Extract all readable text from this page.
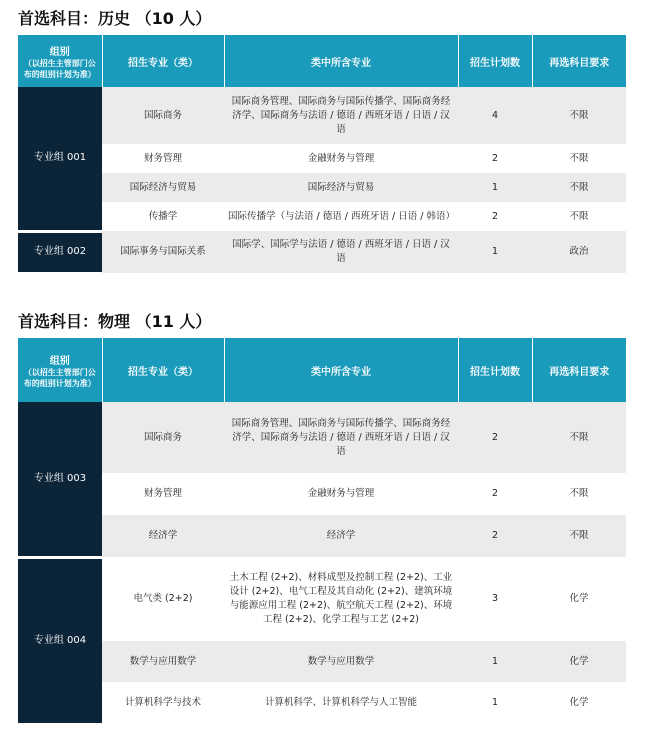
首选科目：历史 （10 人）
组别
（以招生主管部门公布的组别计划为准）	招生专业（类）	类中所含专业	招生计划数	再选科目要求
专业组 001	国际商务	国际商务管理、国际商务与国际传播学、国际商务经济学、国际商务与法语 / 德语 / 西班牙语 / 日语 / 汉语	4	不限
	财务管理	金融财务与管理	2	不限
	国际经济与贸易	国际经济与贸易	1	不限
	传播学	国际传播学（与法语 / 德语 / 西班牙语 / 日语 / 韩语）	2	不限
专业组 002	国际事务与国际关系	国际学、国际学与法语 / 德语 / 西班牙语 / 日语 / 汉语	1	政治
首选科目：物理 （11 人）
组别
（以招生主管部门公布的组别计划为准）	招生专业（类）	类中所含专业	招生计划数	再选科目要求
专业组 003	国际商务	国际商务管理、国际商务与国际传播学、国际商务经济学、国际商务与法语 / 德语 / 西班牙语 / 日语 / 汉语	2	不限
	财务管理	金融财务与管理	2	不限
	经济学	经济学	2	不限
专业组 004	电气类 (2+2)	土木工程 (2+2)、材料成型及控制工程 (2+2)、工业设计 (2+2)、电气工程及其自动化 (2+2)、建筑环境与能源应用工程 (2+2)、航空航天工程 (2+2)、环境工程 (2+2)、化学工程与工艺 (2+2)	3	化学
	数学与应用数学	数学与应用数学	1	化学
	计算机科学与技术	计算机科学、计算机科学与人工智能	1	化学
